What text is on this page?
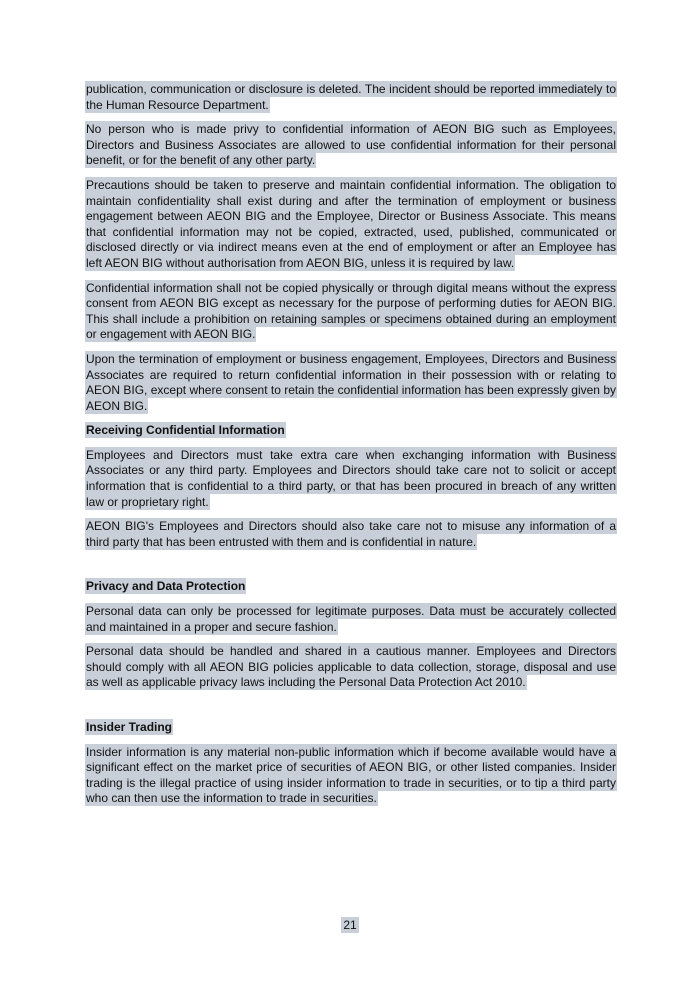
publication, communication or disclosure is deleted. The incident should be reported immediately to the Human Resource Department.

No person who is made privy to confidential information of AEON BIG such as Employees, Directors and Business Associates are allowed to use confidential information for their personal benefit, or for the benefit of any other party.

Precautions should be taken to preserve and maintain confidential information. The obligation to maintain confidentiality shall exist during and after the termination of employment or business engagement between AEON BIG and the Employee, Director or Business Associate. This means that confidential information may not be copied, extracted, used, published, communicated or disclosed directly or via indirect means even at the end of employment or after an Employee has left AEON BIG without authorisation from AEON BIG, unless it is required by law.

Confidential information shall not be copied physically or through digital means without the express consent from AEON BIG except as necessary for the purpose of performing duties for AEON BIG. This shall include a prohibition on retaining samples or specimens obtained during an employment or engagement with AEON BIG.

Upon the termination of employment or business engagement, Employees, Directors and Business Associates are required to return confidential information in their possession with or relating to AEON BIG, except where consent to retain the confidential information has been expressly given by AEON BIG.

Receiving Confidential Information

Employees and Directors must take extra care when exchanging information with Business Associates or any third party. Employees and Directors should take care not to solicit or accept information that is confidential to a third party, or that has been procured in breach of any written law or proprietary right.

AEON BIG's Employees and Directors should also take care not to misuse any information of a third party that has been entrusted with them and is confidential in nature.

Privacy and Data Protection

Personal data can only be processed for legitimate purposes. Data must be accurately collected and maintained in a proper and secure fashion.

Personal data should be handled and shared in a cautious manner. Employees and Directors should comply with all AEON BIG policies applicable to data collection, storage, disposal and use as well as applicable privacy laws including the Personal Data Protection Act 2010.

Insider Trading

Insider information is any material non-public information which if become available would have a significant effect on the market price of securities of AEON BIG, or other listed companies. Insider trading is the illegal practice of using insider information to trade in securities, or to tip a third party who can then use the information to trade in securities.

21
